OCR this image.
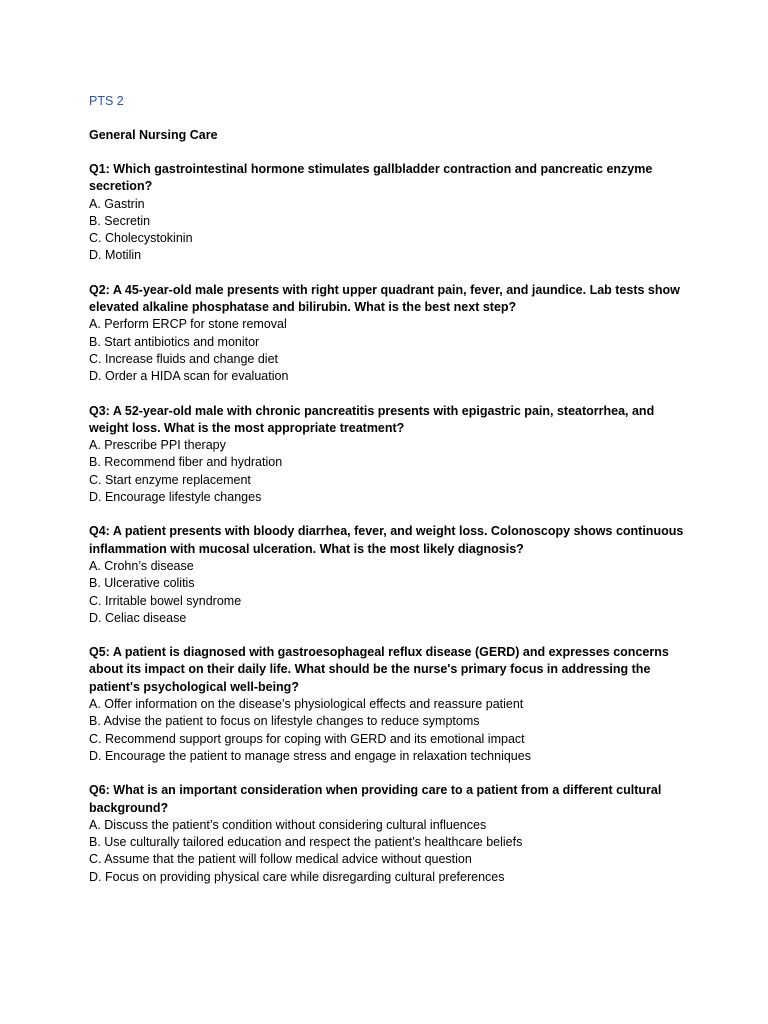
PTS 2
General Nursing Care

Q1: Which gastrointestinal hormone stimulates gallbladder contraction and pancreatic enzyme secretion?

A. Gastrin
B. Secretin
C. Cholecystokinin
D. Motilin

Q2: A 45-year-old male presents with right upper quadrant pain, fever, and jaundice. Lab tests show elevated alkaline phosphatase and bilirubin. What is the best next step?

A. Perform ERCP for stone removal
B. Start antibiotics and monitor
C. Increase fluids and change diet
D. Order a HIDA scan for evaluation

Q3: A 52-year-old male with chronic pancreatitis presents with epigastric pain, steatorrhea, and weight loss. What is the most appropriate treatment?

A. Prescribe PPI therapy
B. Recommend fiber and hydration
C. Start enzyme replacement
D. Encourage lifestyle changes

Q4: A patient presents with bloody diarrhea, fever, and weight loss. Colonoscopy shows continuous inflammation with mucosal ulceration. What is the most likely diagnosis?

A. Crohn’s disease
B. Ulcerative colitis
C. Irritable bowel syndrome
D. Celiac disease

Q5: A patient is diagnosed with gastroesophageal reflux disease (GERD) and expresses concerns about its impact on their daily life. What should be the nurse's primary focus in addressing the patient's psychological well-being?

A. Offer information on the disease’s physiological effects and reassure patient
B. Advise the patient to focus on lifestyle changes to reduce symptoms
C. Recommend support groups for coping with GERD and its emotional impact
D. Encourage the patient to manage stress and engage in relaxation techniques

Q6: What is an important consideration when providing care to a patient from a different cultural background?

A. Discuss the patient’s condition without considering cultural influences
B. Use culturally tailored education and respect the patient’s healthcare beliefs
C. Assume that the patient will follow medical advice without question
D. Focus on providing physical care while disregarding cultural preferences
